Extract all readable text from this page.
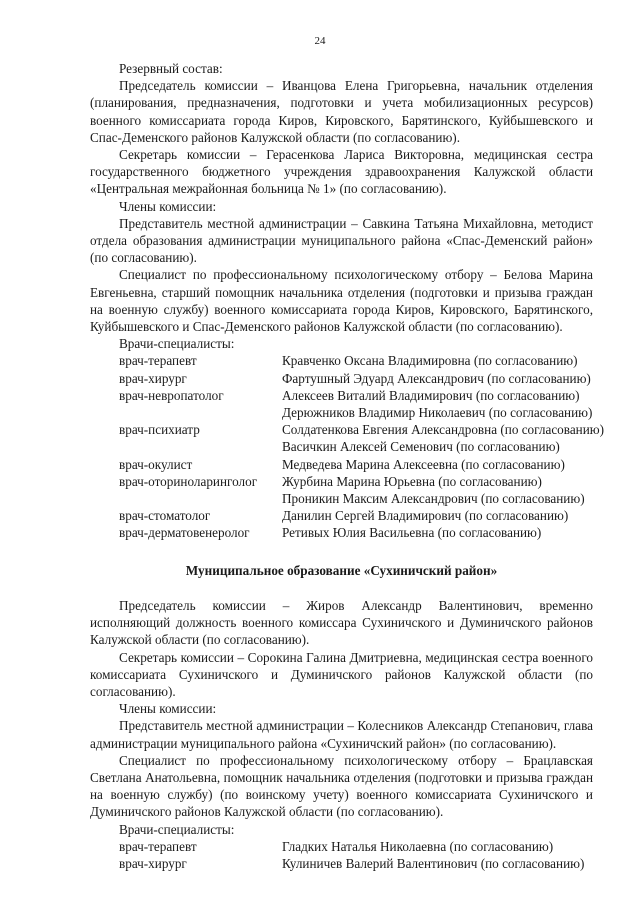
24

Резервный состав:

Председатель комиссии – Иванцова Елена Григорьевна, начальник отделения (планирования, предназначения, подготовки и учета мобилизационных ресурсов) военного комиссариата города Киров, Кировского, Барятинского, Куйбышевского и Спас-Деменского районов Калужской области (по согласованию).

Секретарь комиссии – Герасенкова Лариса Викторовна, медицинская сестра государственного бюджетного учреждения здравоохранения Калужской области «Центральная межрайонная больница № 1» (по согласованию).

Члены комиссии:

Представитель местной администрации – Савкина Татьяна Михайловна, методист отдела образования администрации муниципального района «Спас-Деменский район» (по согласованию).

Специалист по профессиональному психологическому отбору – Белова Марина Евгеньевна, старший помощник начальника отделения (подготовки и призыва граждан на военную службу) военного комиссариата города Киров, Кировского, Барятинского, Куйбышевского и Спас-Деменского районов Калужской области (по согласованию).

Врачи-специалисты:

врач-терапевт	Кравченко Оксана Владимировна (по согласованию)
врач-хирург	Фартушный Эдуард Александрович (по согласованию)
врач-невропатолог	Алексеев Виталий Владимирович (по согласованию)
Дерюжников Владимир Николаевич (по согласованию)
врач-психиатр	Солдатенкова Евгения Александровна (по согласованию)
Васичкин Алексей Семенович (по согласованию)
врач-окулист	Медведева Марина Алексеевна (по согласованию)
врач-оториноларинголог	Журбина Марина Юрьевна (по согласованию)
Проникин Максим Александрович (по согласованию)
врач-стоматолог	Данилин Сергей Владимирович (по согласованию)
врач-дерматовенеролог	Ретивых Юлия Васильевна (по согласованию)

Муниципальное образование «Сухиничский район»

Председатель комиссии – Жиров Александр Валентинович, временно исполняющий должность военного комиссара Сухиничского и Думиничского районов Калужской области (по согласованию).

Секретарь комиссии – Сорокина Галина Дмитриевна, медицинская сестра военного комиссариата Сухиничского и Думиничского районов Калужской области (по согласованию).

Члены комиссии:

Представитель местной администрации – Колесников Александр Степанович, глава администрации муниципального района «Сухиничский район» (по согласованию).

Специалист по профессиональному психологическому отбору – Брацлавская Светлана Анатольевна, помощник начальника отделения (подготовки и призыва граждан на военную службу) (по воинскому учету) военного комиссариата Сухиничского и Думиничского районов Калужской области (по согласованию).

Врачи-специалисты:

врач-терапевт	Гладких Наталья Николаевна (по согласованию)
врач-хирург	Кулиничев Валерий Валентинович (по согласованию)
